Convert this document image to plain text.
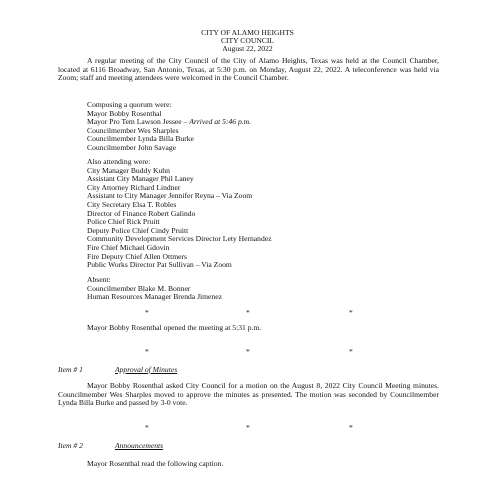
CITY OF ALAMO HEIGHTS
CITY COUNCIL
August 22, 2022
A regular meeting of the City Council of the City of Alamo Heights, Texas was held at the Council Chamber, located at 6116 Broadway, San Antonio, Texas, at 5:30 p.m. on Monday, August 22, 2022. A teleconference was held via Zoom; staff and meeting attendees were welcomed in the Council Chamber.
Composing a quorum were:
Mayor Bobby Rosenthal
Mayor Pro Tem Lawson Jessee – Arrived at 5:46 p.m.
Councilmember Wes Sharples
Councilmember Lynda Billa Burke
Councilmember John Savage
Also attending were:
City Manager Buddy Kuhn
Assistant City Manager Phil Laney
City Attorney Richard Lindner
Assistant to City Manager Jennifer Reyna – Via Zoom
City Secretary Elsa T. Robles
Director of Finance Robert Galindo
Police Chief Rick Pruitt
Deputy Police Chief Cindy Pruitt
Community Development Services Director Lety Hernandez
Fire Chief Michael Gdovin
Fire Deputy Chief Allen Ottmers
Public Works Director Pat Sullivan – Via Zoom
Absent:
Councilmember Blake M. Bonner
Human Resources Manager Brenda Jimenez
*	*	*
Mayor Bobby Rosenthal opened the meeting at 5:31 p.m.
*	*	*
Item # 1	Approval of Minutes
Mayor Bobby Rosenthal asked City Council for a motion on the August 8, 2022 City Council Meeting minutes. Councilmember Wes Sharples moved to approve the minutes as presented. The motion was seconded by Councilmember Lynda Billa Burke and passed by 3-0 vote.
*	*	*
Item # 2	Announcements
Mayor Rosenthal read the following caption.
